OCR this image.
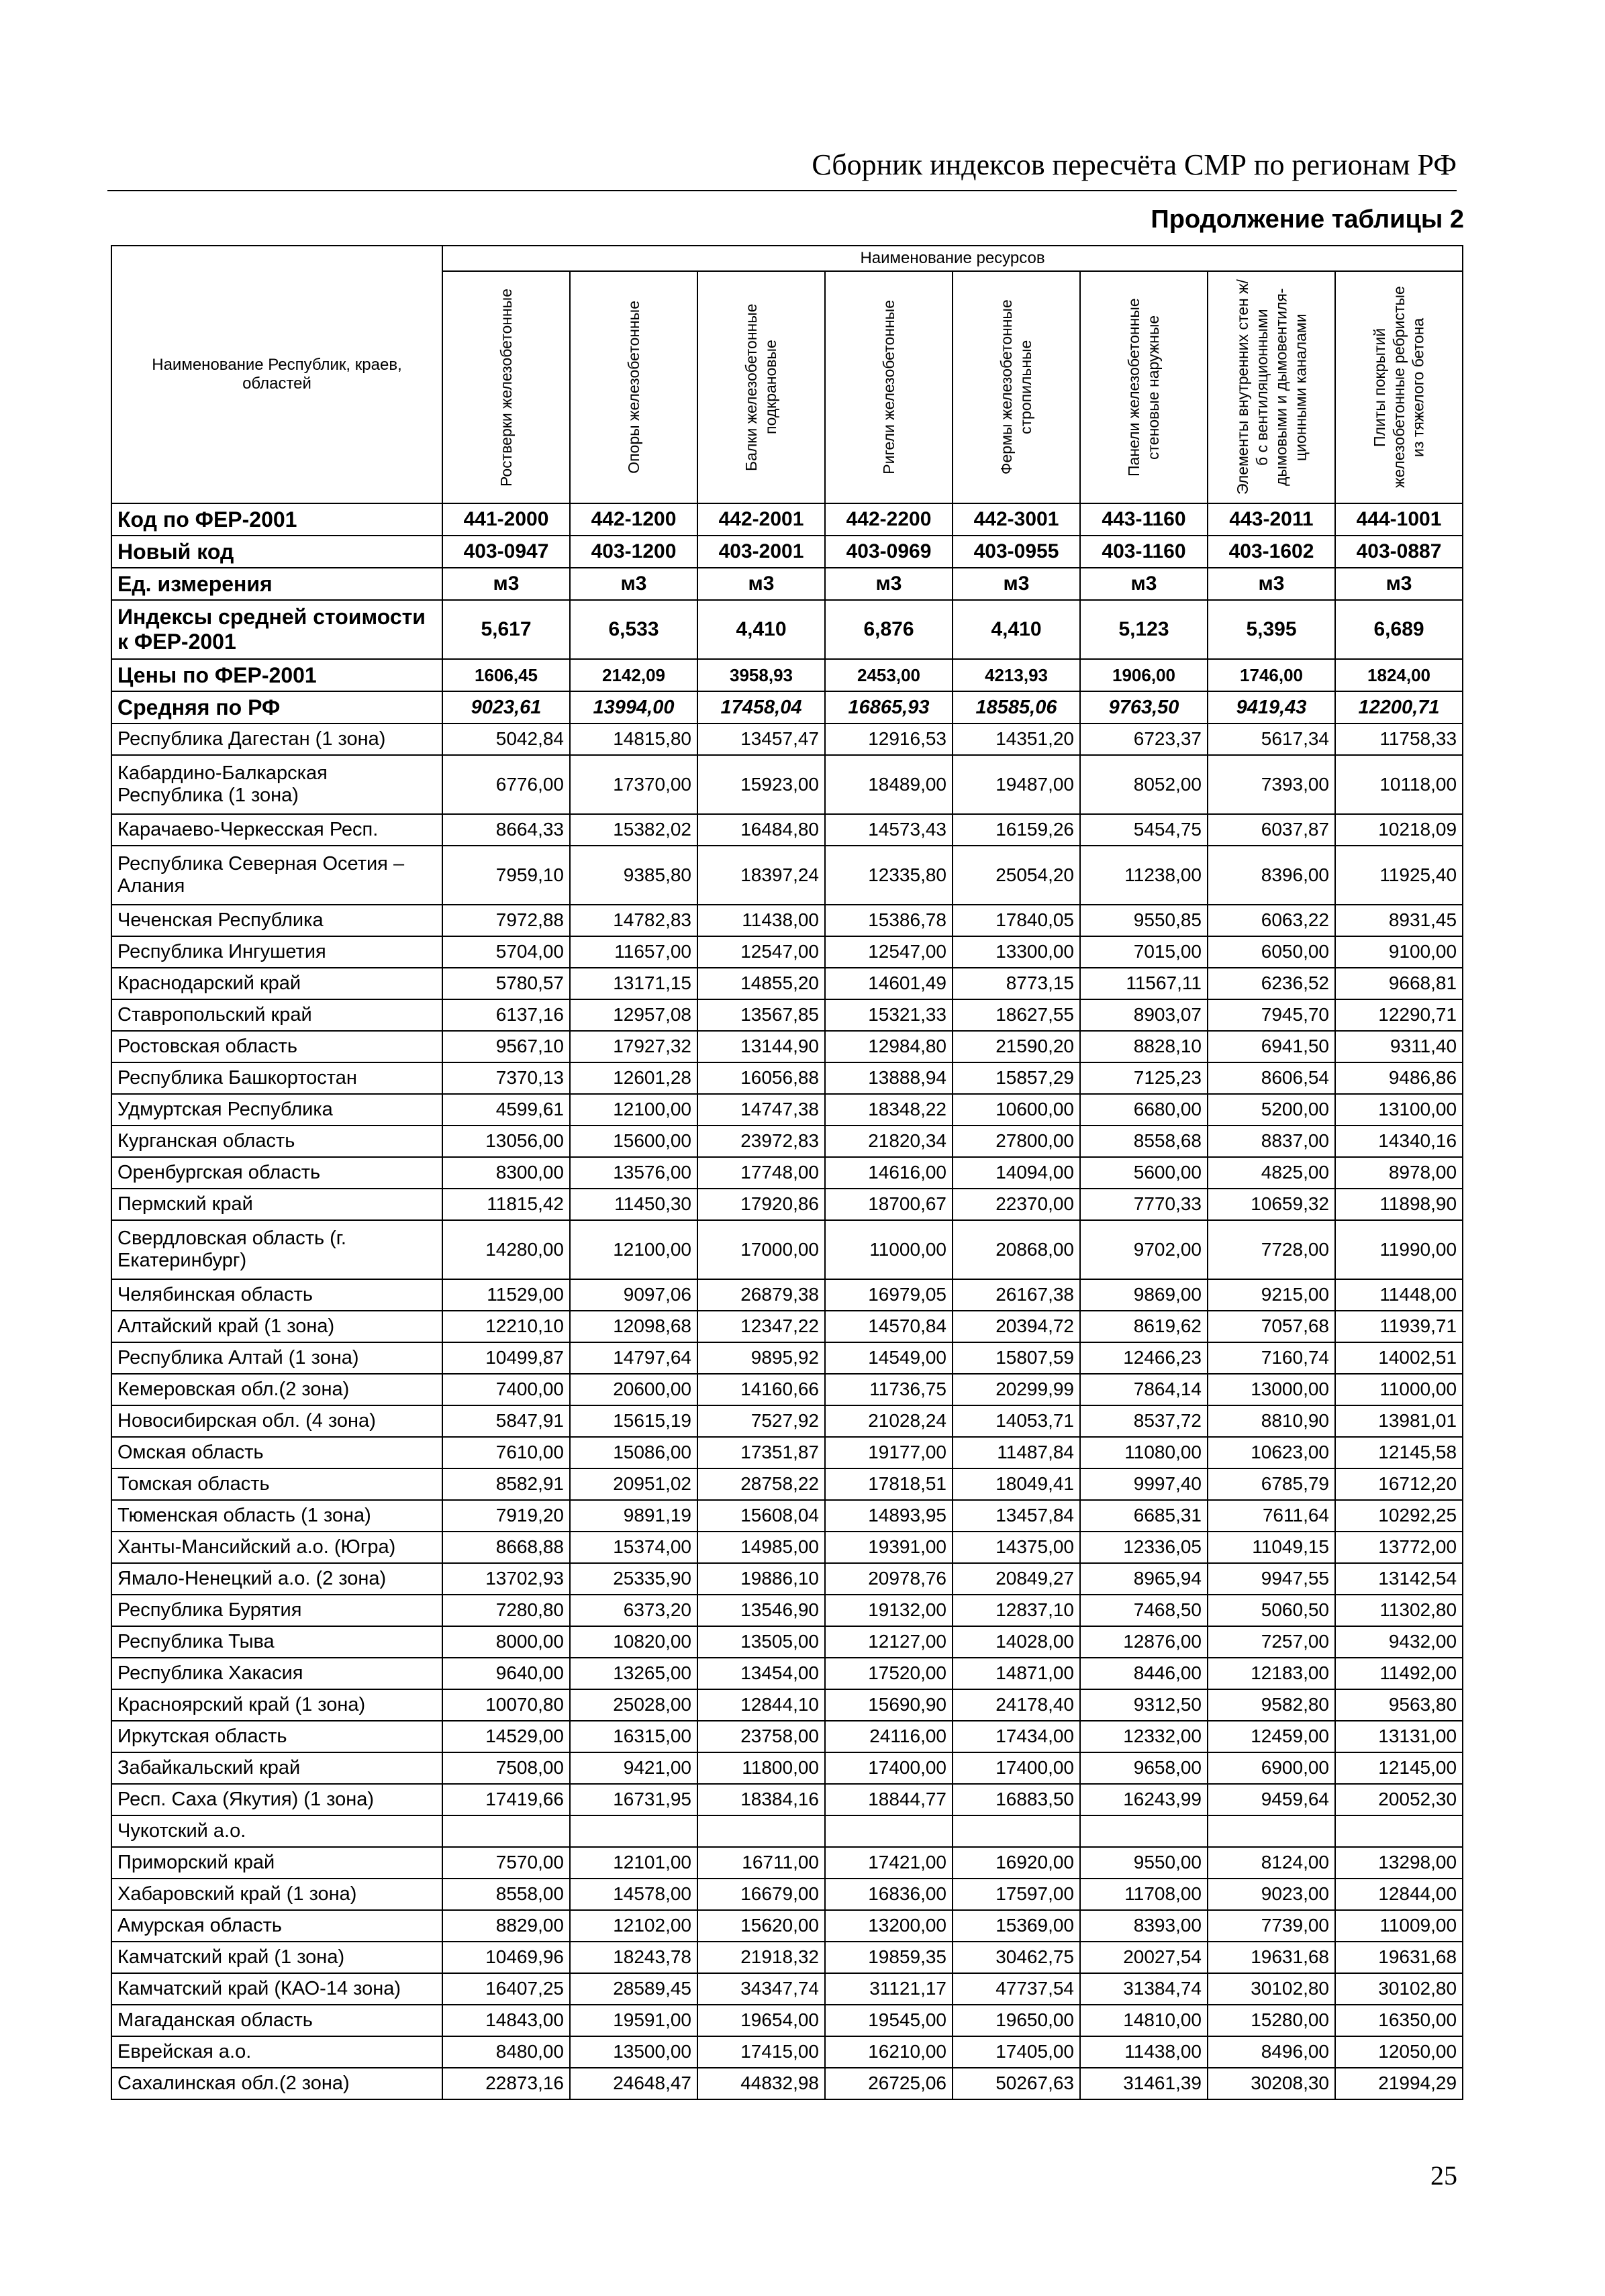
Сборник индексов пересчёта СМР по регионам РФ
Продолжение таблицы 2
Наименование Республик, краев, областей	Наименование ресурсов							

	Ростверки железобетонные	Опоры железобетонные	Балки железобетонные подкрановые	Ригели железобетонные	Фермы железобетонные стропильные	Панели железобетонные стеновые наружные	Элементы внутренних стен ж/б с вентиляционными дымовыми и дымовентиля-ционными каналами	Плиты покрытий железобетонные ребристые из тяжелого бетона

Код по ФЕР-2001	441-2000	442-1200	442-2001	442-2200	442-3001	443-1160	443-2011	444-1001
Новый код	403-0947	403-1200	403-2001	403-0969	403-0955	403-1160	403-1602	403-0887
Ед. измерения	м3	м3	м3	м3	м3	м3	м3	м3
Индексы средней стоимости к ФЕР-2001	5,617	6,533	4,410	6,876	4,410	5,123	5,395	6,689
Цены по ФЕР-2001	1606,45	2142,09	3958,93	2453,00	4213,93	1906,00	1746,00	1824,00
Средняя по РФ	9023,61	13994,00	17458,04	16865,93	18585,06	9763,50	9419,43	12200,71
Республика Дагестан (1 зона)	5042,84	14815,80	13457,47	12916,53	14351,20	6723,37	5617,34	11758,33
Кабардино-Балкарская Республика (1 зона)	6776,00	17370,00	15923,00	18489,00	19487,00	8052,00	7393,00	10118,00
Карачаево-Черкесская Респ.	8664,33	15382,02	16484,80	14573,43	16159,26	5454,75	6037,87	10218,09
Республика Северная Осетия – Алания	7959,10	9385,80	18397,24	12335,80	25054,20	11238,00	8396,00	11925,40
Чеченская Республика	7972,88	14782,83	11438,00	15386,78	17840,05	9550,85	6063,22	8931,45
Республика Ингушетия	5704,00	11657,00	12547,00	12547,00	13300,00	7015,00	6050,00	9100,00
Краснодарский край	5780,57	13171,15	14855,20	14601,49	8773,15	11567,11	6236,52	9668,81
Ставропольский край	6137,16	12957,08	13567,85	15321,33	18627,55	8903,07	7945,70	12290,71
Ростовская область	9567,10	17927,32	13144,90	12984,80	21590,20	8828,10	6941,50	9311,40
Республика Башкортостан	7370,13	12601,28	16056,88	13888,94	15857,29	7125,23	8606,54	9486,86
Удмуртская Республика	4599,61	12100,00	14747,38	18348,22	10600,00	6680,00	5200,00	13100,00
Курганская область	13056,00	15600,00	23972,83	21820,34	27800,00	8558,68	8837,00	14340,16
Оренбургская область	8300,00	13576,00	17748,00	14616,00	14094,00	5600,00	4825,00	8978,00
Пермский край	11815,42	11450,30	17920,86	18700,67	22370,00	7770,33	10659,32	11898,90
Свердловская область (г. Екатеринбург)	14280,00	12100,00	17000,00	11000,00	20868,00	9702,00	7728,00	11990,00
Челябинская область	11529,00	9097,06	26879,38	16979,05	26167,38	9869,00	9215,00	11448,00
Алтайский край (1 зона)	12210,10	12098,68	12347,22	14570,84	20394,72	8619,62	7057,68	11939,71
Республика Алтай (1 зона)	10499,87	14797,64	9895,92	14549,00	15807,59	12466,23	7160,74	14002,51
Кемеровская обл.(2 зона)	7400,00	20600,00	14160,66	11736,75	20299,99	7864,14	13000,00	11000,00
Новосибирская обл. (4 зона)	5847,91	15615,19	7527,92	21028,24	14053,71	8537,72	8810,90	13981,01
Омская область	7610,00	15086,00	17351,87	19177,00	11487,84	11080,00	10623,00	12145,58
Томская область	8582,91	20951,02	28758,22	17818,51	18049,41	9997,40	6785,79	16712,20
Тюменская область (1 зона)	7919,20	9891,19	15608,04	14893,95	13457,84	6685,31	7611,64	10292,25
Ханты-Мансийский а.о. (Югра)	8668,88	15374,00	14985,00	19391,00	14375,00	12336,05	11049,15	13772,00
Ямало-Ненецкий а.о. (2 зона)	13702,93	25335,90	19886,10	20978,76	20849,27	8965,94	9947,55	13142,54
Республика Бурятия	7280,80	6373,20	13546,90	19132,00	12837,10	7468,50	5060,50	11302,80
Республика Тыва	8000,00	10820,00	13505,00	12127,00	14028,00	12876,00	7257,00	9432,00
Республика Хакасия	9640,00	13265,00	13454,00	17520,00	14871,00	8446,00	12183,00	11492,00
Красноярский край (1 зона)	10070,80	25028,00	12844,10	15690,90	24178,40	9312,50	9582,80	9563,80
Иркутская область	14529,00	16315,00	23758,00	24116,00	17434,00	12332,00	12459,00	13131,00
Забайкальский край	7508,00	9421,00	11800,00	17400,00	17400,00	9658,00	6900,00	12145,00
Респ. Саха (Якутия) (1 зона)	17419,66	16731,95	18384,16	18844,77	16883,50	16243,99	9459,64	20052,30
Чукотский а.о.								
Приморский край	7570,00	12101,00	16711,00	17421,00	16920,00	9550,00	8124,00	13298,00
Хабаровский край (1 зона)	8558,00	14578,00	16679,00	16836,00	17597,00	11708,00	9023,00	12844,00
Амурская область	8829,00	12102,00	15620,00	13200,00	15369,00	8393,00	7739,00	11009,00
Камчатский край (1 зона)	10469,96	18243,78	21918,32	19859,35	30462,75	20027,54	19631,68	19631,68
Камчатский край (КАО-14 зона)	16407,25	28589,45	34347,74	31121,17	47737,54	31384,74	30102,80	30102,80
Магаданская область	14843,00	19591,00	19654,00	19545,00	19650,00	14810,00	15280,00	16350,00
Еврейская а.о.	8480,00	13500,00	17415,00	16210,00	17405,00	11438,00	8496,00	12050,00
Сахалинская обл.(2 зона)	22873,16	24648,47	44832,98	26725,06	50267,63	31461,39	30208,30	21994,29
25
